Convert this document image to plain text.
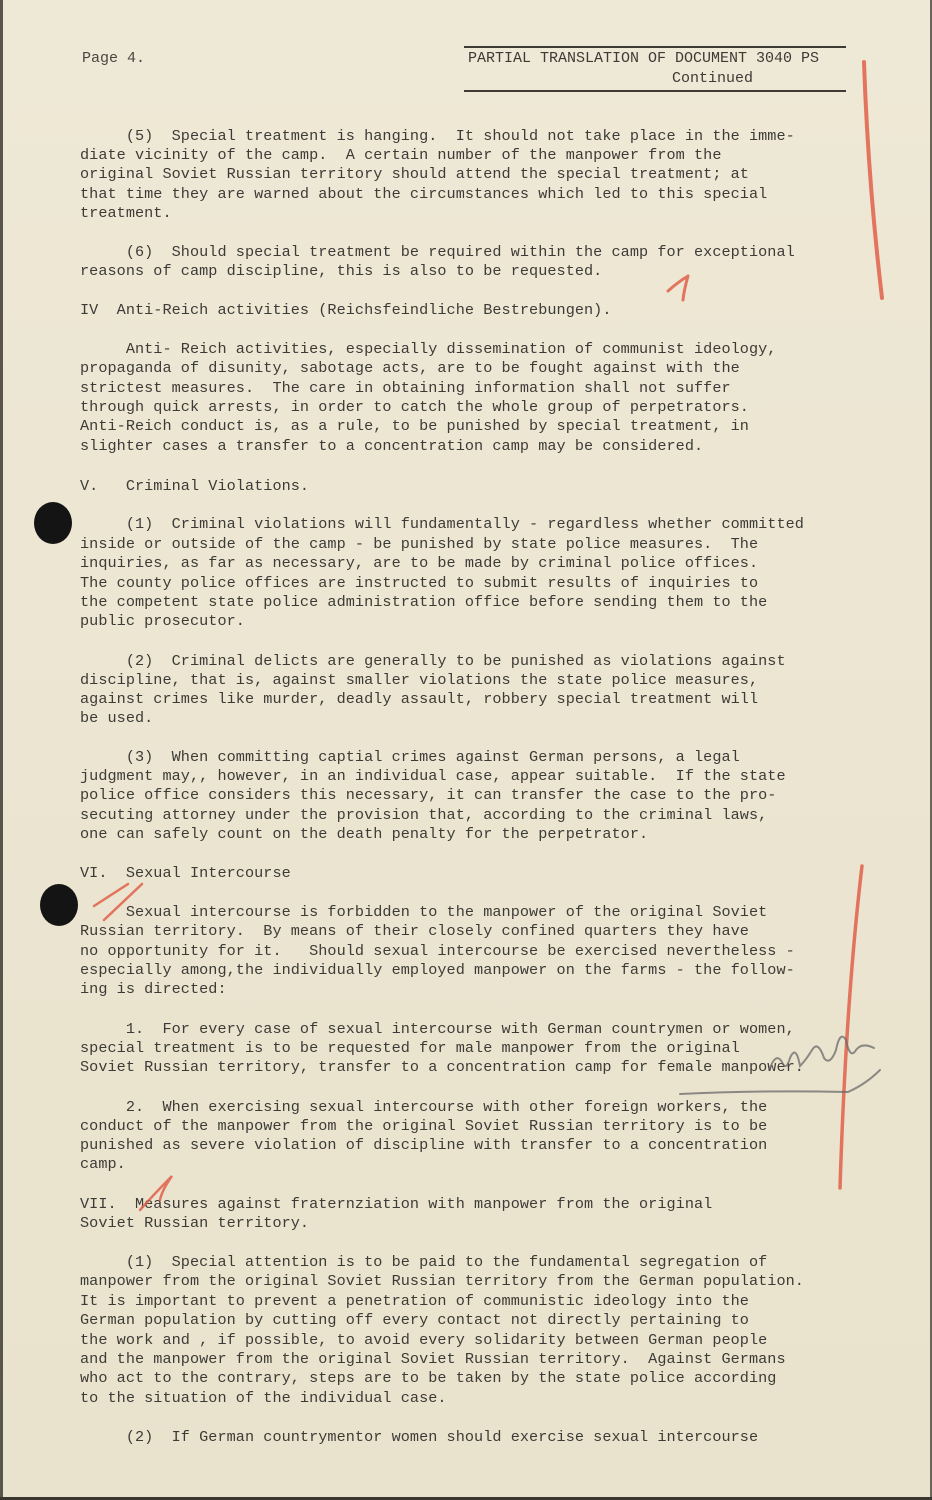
Page 4.	PARTIAL TRANSLATION OF DOCUMENT 3040 PS
Continued
(5)  Special treatment is hanging.  It should not take place in the imme-
diate vicinity of the camp.  A certain number of the manpower from the
original Soviet Russian territory should attend the special treatment; at
that time they are warned about the circumstances which led to this special
treatment.
(6)  Should special treatment be required within the camp for exceptional
reasons of camp discipline, this is also to be requested.
IV  Anti-Reich activities (Reichsfeindliche Bestrebungen).
Anti- Reich activities, especially dissemination of communist ideology,
propaganda of disunity, sabotage acts, are to be fought against with the
strictest measures.  The care in obtaining information shall not suffer
through quick arrests, in order to catch the whole group of perpetrators.
Anti-Reich conduct is, as a rule, to be punished by special treatment, in
slighter cases a transfer to a concentration camp may be considered.
V.   Criminal Violations.
(1)  Criminal violations will fundamentally - regardless whether committed
inside or outside of the camp - be punished by state police measures.  The
inquiries, as far as necessary, are to be made by criminal police offices.
The county police offices are instructed to submit results of inquiries to
the competent state police administration office before sending them to the
public prosecutor.
(2)  Criminal delicts are generally to be punished as violations against
discipline, that is, against smaller violations the state police measures,
against crimes like murder, deadly assault, robbery special treatment will
be used.
(3)  When committing captial crimes against German persons, a legal
judgment may,, however, in an individual case, appear suitable.  If the state
police office considers this necessary, it can transfer the case to the pro-
secuting attorney under the provision that, according to the criminal laws,
one can safely count on the death penalty for the perpetrator.
VI.  Sexual Intercourse
Sexual intercourse is forbidden to the manpower of the original Soviet
Russian territory.  By means of their closely confined quarters they have
no opportunity for it.   Should sexual intercourse be exercised nevertheless -
especially among,the individually employed manpower on the farms - the follow-
ing is directed:
1.  For every case of sexual intercourse with German countrymen or women,
special treatment is to be requested for male manpower from the original
Soviet Russian territory, transfer to a concentration camp for female manpower.
2.  When exercising sexual intercourse with other foreign workers, the
conduct of the manpower from the original Soviet Russian territory is to be
punished as severe violation of discipline with transfer to a concentration
camp.
VII.  Measures against fraternziation with manpower from the original
Soviet Russian territory.
(1)  Special attention is to be paid to the fundamental segregation of
manpower from the original Soviet Russian territory from the German population.
It is important to prevent a penetration of communistic ideology into the
German population by cutting off every contact not directly pertaining to
the work and , if possible, to avoid every solidarity between German people
and the manpower from the original Soviet Russian territory.  Against Germans
who act to the contrary, steps are to be taken by the state police according
to the situation of the individual case.
(2)  If German countrymentor women should exercise sexual intercourse
